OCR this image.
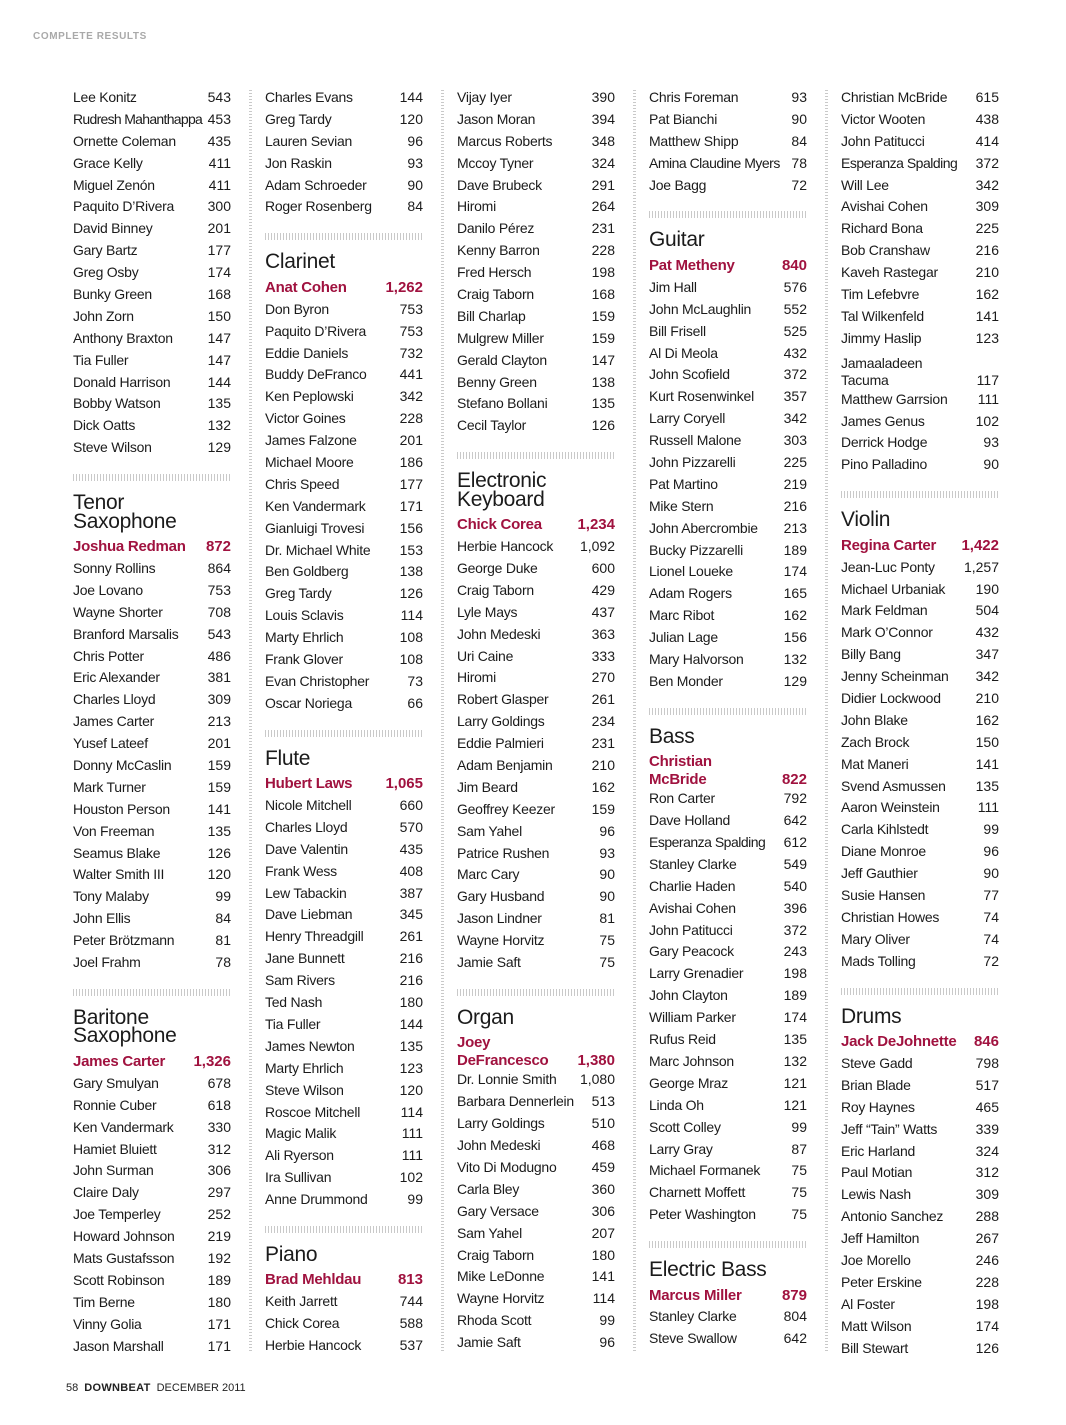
COMPLETE RESULTS
Lee Konitz	543
Rudresh Mahanthappa 453
Ornette Coleman 435
Grace Kelly	411
Miguel Zenón	411
Paquito D’Rivera 300
David Binney	201
Gary Bartz	177
Greg Osby	174
Bunky Green	168
John Zorn	150
Anthony Braxton 147
Tia Fuller	147
Donald Harrison	144
Bobby Watson	135
Dick Oatts	132
Steve Wilson	129
Tenor Saxophone
Joshua Redman 872
Sonny Rollins	864
Joe Lovano	753
Wayne Shorter	708
Branford Marsalis 543
Chris Potter	486
Eric Alexander	381
Charles Lloyd	309
James Carter	213
Yusef Lateef	201
Donny McCaslin	159
Mark Turner	159
Houston Person	141
Von Freeman	135
Seamus Blake	126
Walter Smith III	120
Tony Malaby	99
John Ellis	84
Peter Brötzmann	81
Joel Frahm	78
Baritone Saxophone
James Carter 1,326
Gary Smulyan	678
Ronnie Cuber	618
Ken Vandermark 330
Hamiet Bluiett	312
John Surman	306
Claire Daly	297
Joe Temperley	252
Howard Johnson 219
Mats Gustafsson 192
Scott Robinson	189
Tim Berne	180
Vinny Golia	171
Jason Marshall	171
Charles Evans	144
Greg Tardy	120
Lauren Sevian	96
Jon Raskin	93
Adam Schroeder	90
Roger Rosenberg	84
Clarinet
Anat Cohen	1,262
Don Byron	753
Paquito D’Rivera 753
Eddie Daniels	732
Buddy DeFranco 441
Ken Peplowski	342
Victor Goines	228
James Falzone	201
Michael Moore	186
Chris Speed	177
Ken Vandermark 171
Gianluigi Trovesi	156
Dr. Michael White 153
Ben Goldberg	138
Greg Tardy	126
Louis Sclavis	114
Marty Ehrlich	108
Frank Glover	108
Evan Christopher	73
Oscar Noriega	66
Flute
Hubert Laws 1,065
Nicole Mitchell	660
Charles Lloyd	570
Dave Valentin	435
Frank Wess	408
Lew Tabackin	387
Dave Liebman	345
Henry Threadgill	261
Jane Bunnett	216
Sam Rivers	216
Ted Nash	180
Tia Fuller	144
James Newton	135
Marty Ehrlich	123
Steve Wilson	120
Roscoe Mitchell	114
Magic Malik	111
Ali Ryerson	111
Ira Sullivan	102
Anne Drummond	99
Piano
Brad Mehldau 813
Keith Jarrett	744
Chick Corea	588
Herbie Hancock	537
Vijay Iyer	390
Jason Moran	394
Marcus Roberts	348
Mccoy Tyner	324
Dave Brubeck	291
Hiromi	264
Danilo Pérez	231
Kenny Barron	228
Fred Hersch	198
Craig Taborn	168
Bill Charlap	159
Mulgrew Miller	159
Gerald Clayton	147
Benny Green	138
Stefano Bollani	135
Cecil Taylor	126
Electronic Keyboard
Chick Corea 1,234
Herbie Hancock 1,092
George Duke	600
Craig Taborn	429
Lyle Mays	437
John Medeski	363
Uri Caine	333
Hiromi	270
Robert Glasper	261
Larry Goldings	234
Eddie Palmieri	231
Adam Benjamin	210
Jim Beard	162
Geoffrey Keezer	159
Sam Yahel	96
Patrice Rushen	93
Marc Cary	90
Gary Husband	90
Jason Lindner	81
Wayne Horvitz	75
Jamie Saft	75
Organ
Joey DeFrancesco	1,380
Dr. Lonnie Smith 1,080
Barbara Dennerlein 513
Larry Goldings	510
John Medeski	468
Vito Di Modugno	459
Carla Bley	360
Gary Versace	306
Sam Yahel	207
Craig Taborn	180
Mike LeDonne	141
Wayne Horvitz	114
Rhoda Scott	99
Jamie Saft	96
Chris Foreman	93
Pat Bianchi	90
Matthew Shipp	84
Amina Claudine Myers 78
Joe Bagg	72
Guitar
Pat Metheny	840
Jim Hall	576
John McLaughlin 552
Bill Frisell	525
Al Di Meola	432
John Scofield	372
Kurt Rosenwinkel 357
Larry Coryell	342
Russell Malone	303
John Pizzarelli	225
Pat Martino	219
Mike Stern	216
John Abercrombie 213
Bucky Pizzarelli	189
Lionel Loueke	174
Adam Rogers	165
Marc Ribot	162
Julian Lage	156
Mary Halvorson	132
Ben Monder	129
Bass
Christian McBride	822
Ron Carter	792
Dave Holland	642
Esperanza Spalding 612
Stanley Clarke	549
Charlie Haden	540
Avishai Cohen	396
John Patitucci	372
Gary Peacock	243
Larry Grenadier	198
John Clayton	189
William Parker	174
Rufus Reid	135
Marc Johnson	132
George Mraz	121
Linda Oh	121
Scott Colley	99
Larry Gray	87
Michael Formanek 75
Charnett Moffett	75
Peter Washington	75
Electric Bass
Marcus Miller	879
Stanley Clarke	804
Steve Swallow	642
Christian McBride 615
Victor Wooten	438
John Patitucci	414
Esperanza Spalding 372
Will Lee	342
Avishai Cohen	309
Richard Bona	225
Bob Cranshaw	216
Kaveh Rastegar	210
Tim Lefebvre	162
Tal Wilkenfeld	141
Jimmy Haslip	123
Jamaaladeen Tacuma	117
Matthew Garrsion 111
James Genus	102
Derrick Hodge	93
Pino Palladino	90
Violin
Regina Carter 1,422
Jean-Luc Ponty 1,257
Michael Urbaniak 190
Mark Feldman	504
Mark O’Connor	432
Billy Bang	347
Jenny Scheinman 342
Didier Lockwood 210
John Blake	162
Zach Brock	150
Mat Maneri	141
Svend Asmussen 135
Aaron Weinstein	111
Carla Kihlstedt	99
Diane Monroe	96
Jeff Gauthier	90
Susie Hansen	77
Christian Howes	74
Mary Oliver	74
Mads Tolling	72
Drums
Jack DeJohnette 846
Steve Gadd	798
Brian Blade	517
Roy Haynes	465
Jeff “Tain” Watts	339
Eric Harland	324
Paul Motian	312
Lewis Nash	309
Antonio Sanchez 288
Jeff Hamilton	267
Joe Morello	246
Peter Erskine	228
Al Foster	198
Matt Wilson	174
Bill Stewart	126
58 DOWNBEAT DECEMBER 2011
